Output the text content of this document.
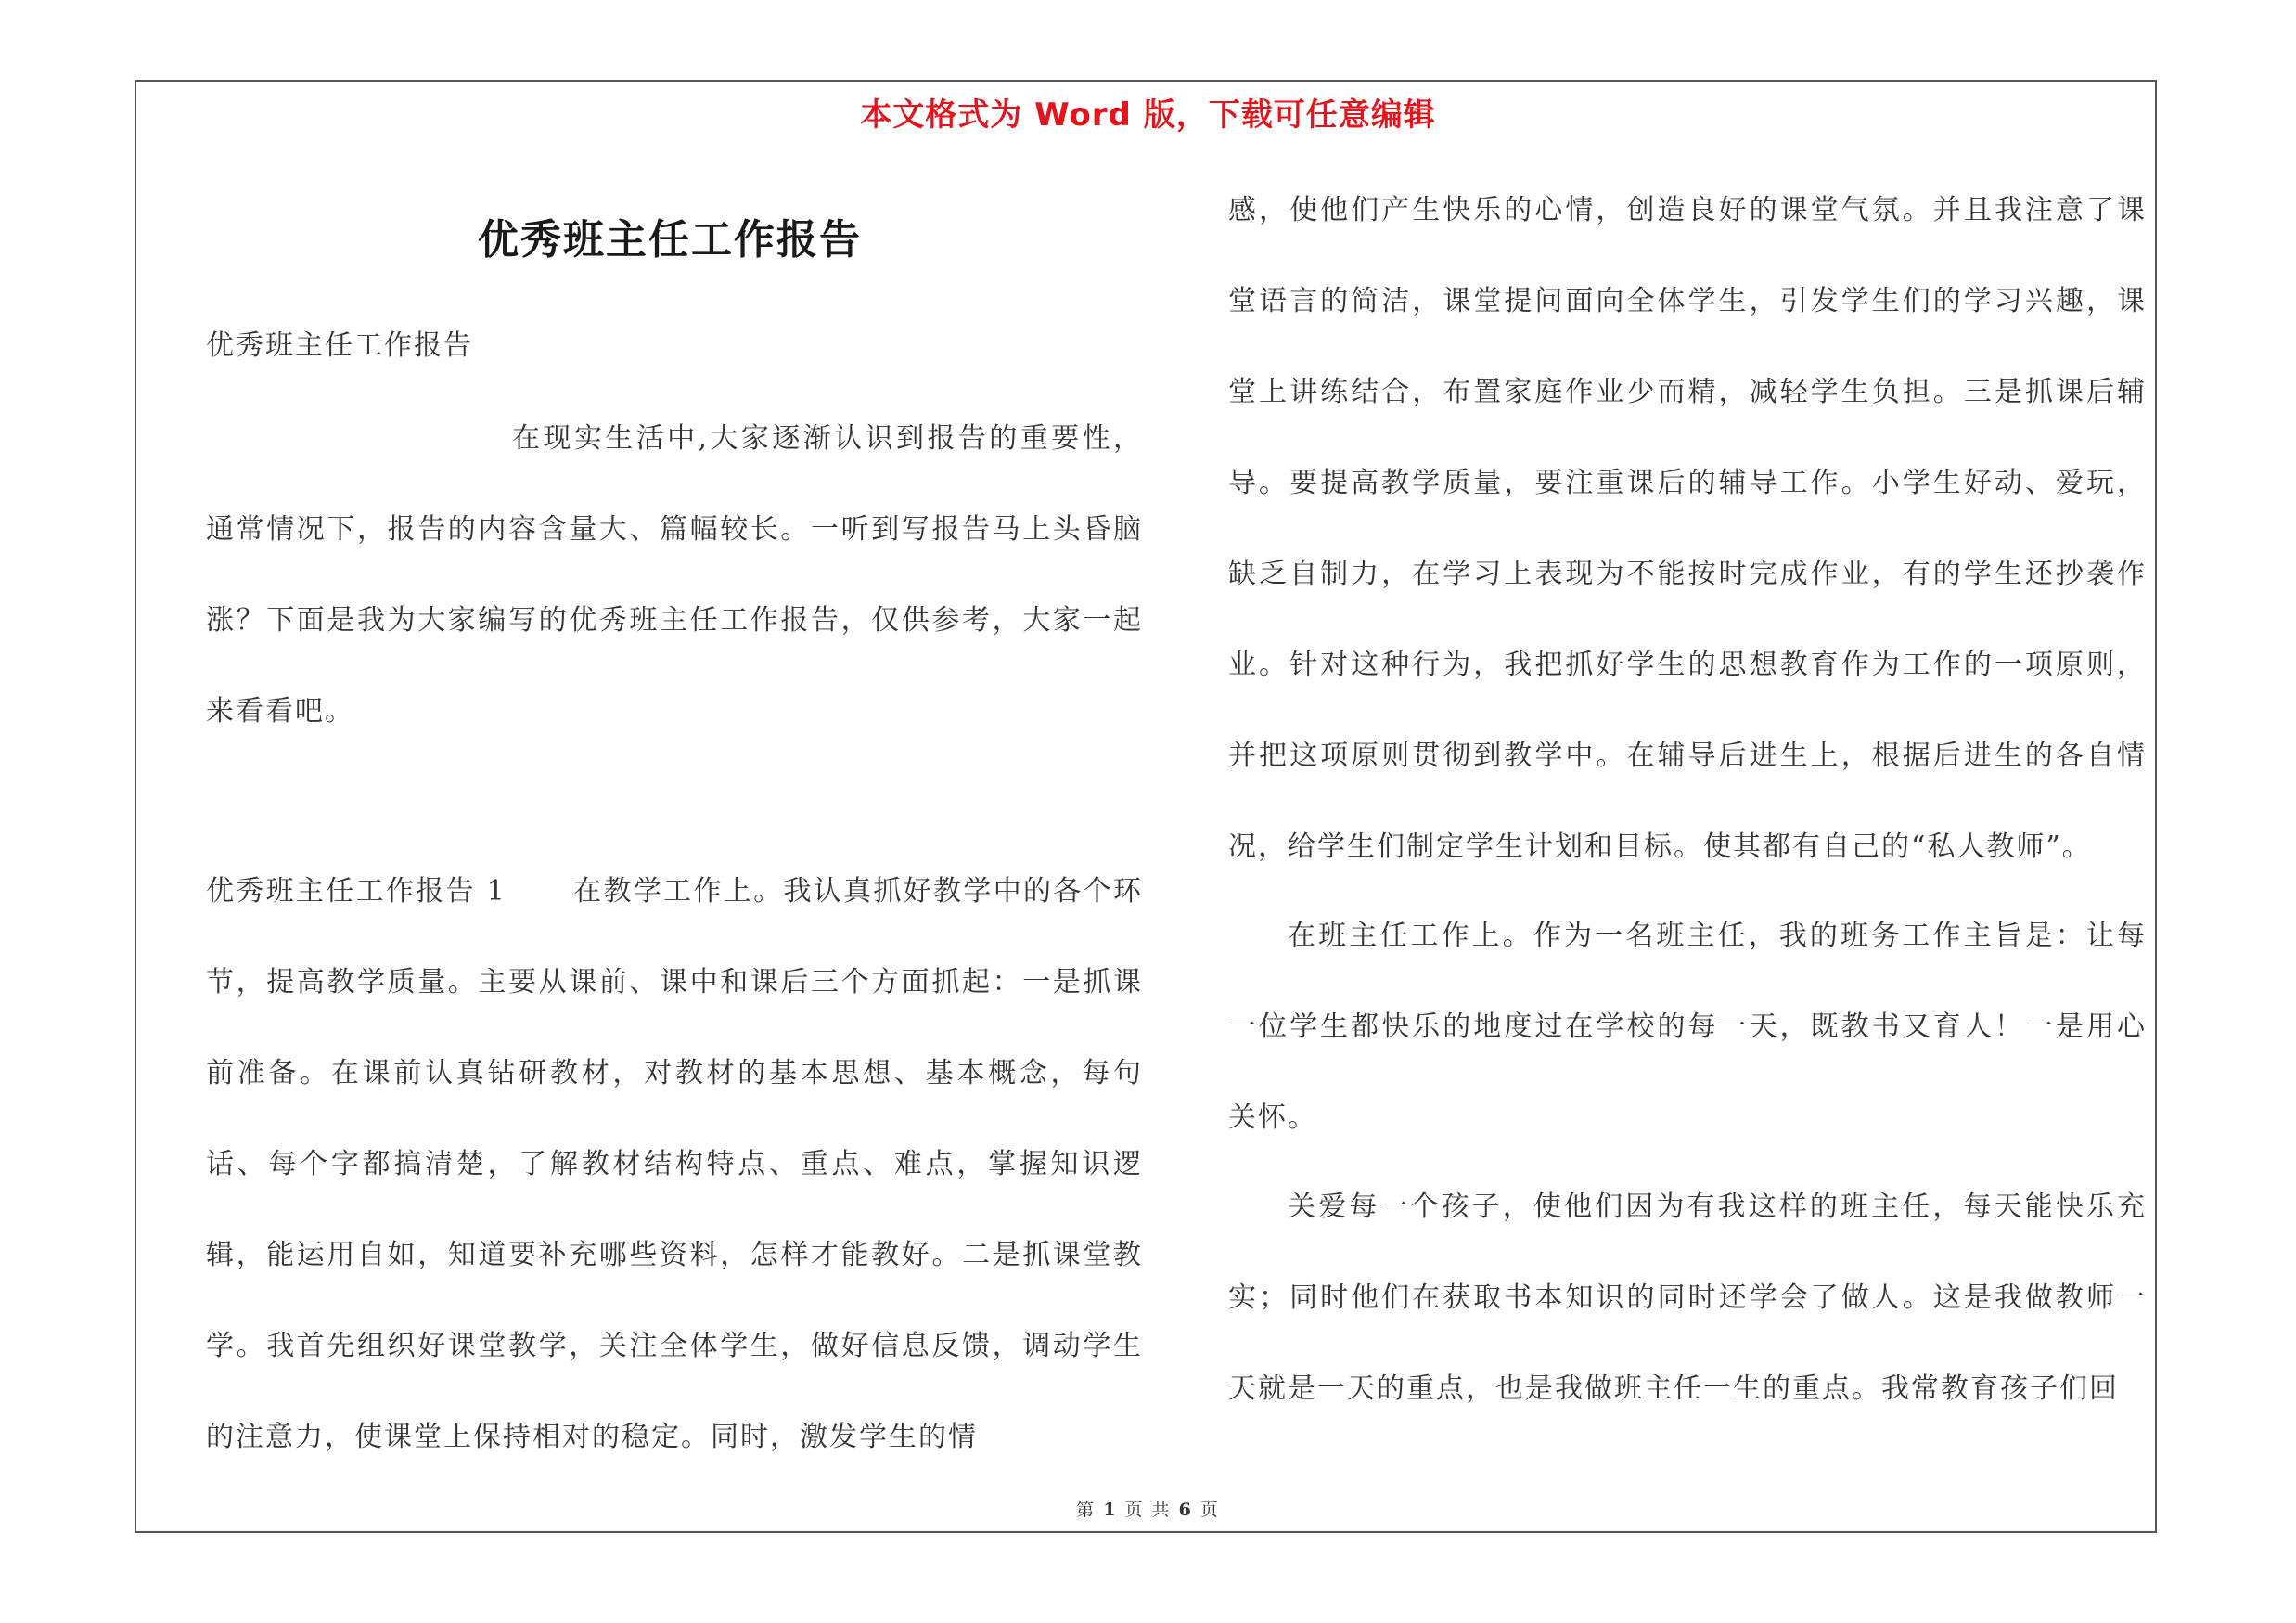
本文格式为 Word 版，下载可任意编辑
优秀班主任工作报告

优秀班主任工作报告

在现实生活中,大家逐渐认识到报告的重要性，通常情况下，报告的内容含量大、篇幅较长。一听到写报告马上头昏脑涨？下面是我为大家编写的优秀班主任工作报告，仅供参考，大家一起来看看吧。

优秀班主任工作报告 1 在教学工作上。我认真抓好教学中的各个环节，提高教学质量。主要从课前、课中和课后三个方面抓起：一是抓课前准备。在课前认真钻研教材，对教材的基本思想、基本概念，每句话、每个字都搞清楚，了解教材结构特点、重点、难点，掌握知识逻辑，能运用自如，知道要补充哪些资料，怎样才能教好。二是抓课堂教学。我首先组织好课堂教学，关注全体学生，做好信息反馈，调动学生的注意力，使课堂上保持相对的稳定。同时，激发学生的情

感，使他们产生快乐的心情，创造良好的课堂气氛。并且我注意了课堂语言的简洁，课堂提问面向全体学生，引发学生们的学习兴趣，课堂上讲练结合，布置家庭作业少而精，减轻学生负担。三是抓课后辅导。要提高教学质量，要注重课后的辅导工作。小学生好动、爱玩，缺乏自制力，在学习上表现为不能按时完成作业，有的学生还抄袭作业。针对这种行为，我把抓好学生的思想教育作为工作的一项原则，并把这项原则贯彻到教学中。在辅导后进生上，根据后进生的各自情况，给学生们制定学生计划和目标。使其都有自己的“私人教师”。

在班主任工作上。作为一名班主任，我的班务工作主旨是：让每一位学生都快乐的地度过在学校的每一天，既教书又育人！一是用心关怀。

关爱每一个孩子，使他们因为有我这样的班主任，每天能快乐充实；同时他们在获取书本知识的同时还学会了做人。这是我做教师一天就是一天的重点，也是我做班主任一生的重点。我常教育孩子们回

第 1 页 共 6 页
